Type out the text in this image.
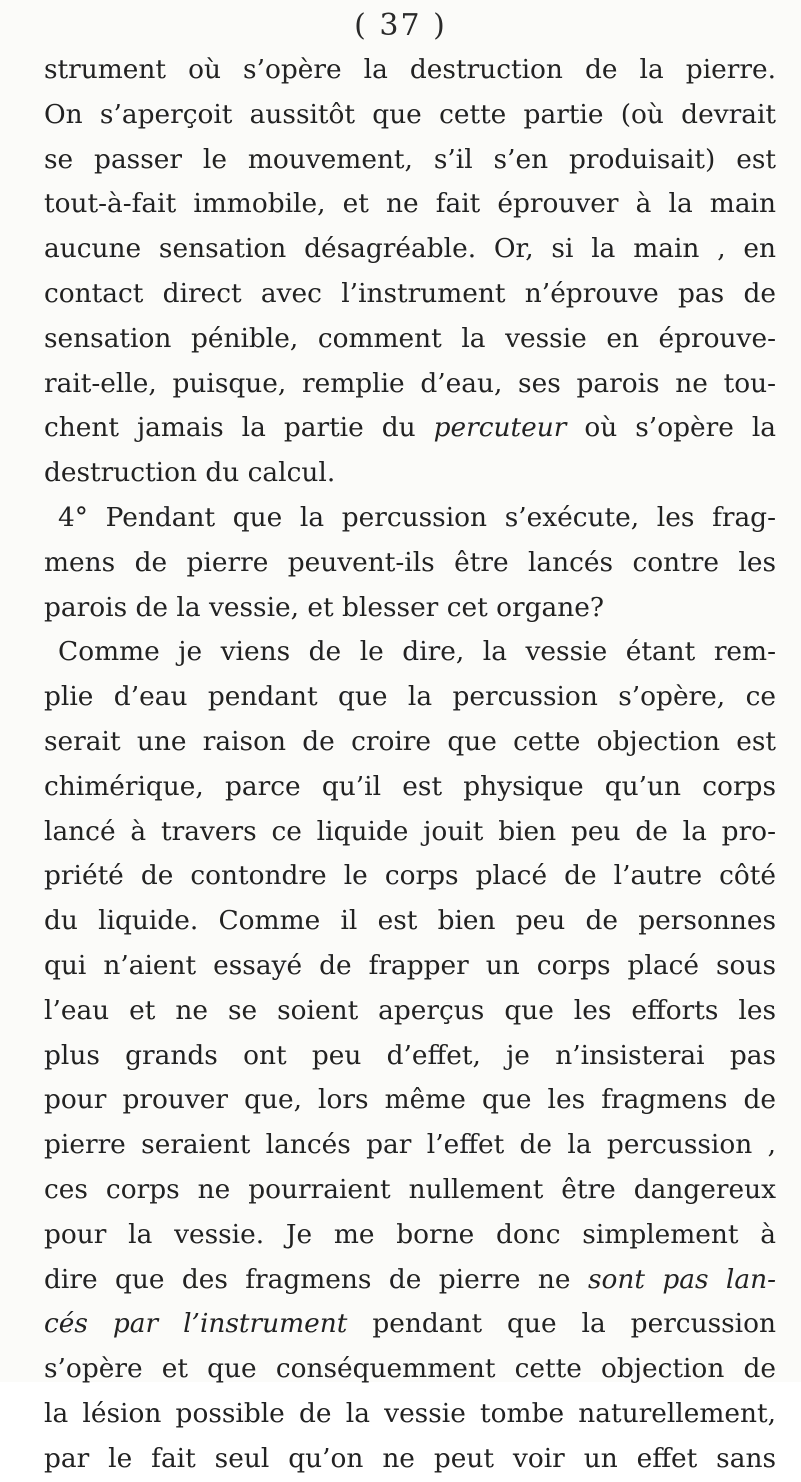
( 37 )
strument où s’opère la destruction de la pierre.
On s’aperçoit aussitôt que cette partie (où devrait
se passer le mouvement, s’il s’en produisait) est
tout-à-fait immobile, et ne fait éprouver à la main
aucune sensation désagréable. Or, si la main , en
contact direct avec l’instrument n’éprouve pas de
sensation pénible, comment la vessie en éprouve-
rait-elle, puisque, remplie d’eau, ses parois ne tou-
chent jamais la partie du percuteur où s’opère la
destruction du calcul.
4° Pendant que la percussion s’exécute, les frag-
mens de pierre peuvent-ils être lancés contre les
parois de la vessie, et blesser cet organe?
Comme je viens de le dire, la vessie étant rem-
plie d’eau pendant que la percussion s’opère, ce
serait une raison de croire que cette objection est
chimérique, parce qu’il est physique qu’un corps
lancé à travers ce liquide jouit bien peu de la pro-
priété de contondre le corps placé de l’autre côté
du liquide. Comme il est bien peu de personnes
qui n’aient essayé de frapper un corps placé sous
l’eau et ne se soient aperçus que les efforts les
plus grands ont peu d’effet, je n’insisterai pas
pour prouver que, lors même que les fragmens de
pierre seraient lancés par l’effet de la percussion ,
ces corps ne pourraient nullement être dangereux
pour la vessie. Je me borne donc simplement à
dire que des fragmens de pierre ne sont pas lan-
cés par l’instrument pendant que la percussion
s’opère et que conséquemment cette objection de
la lésion possible de la vessie tombe naturellement,
par le fait seul qu’on ne peut voir un effet sans
